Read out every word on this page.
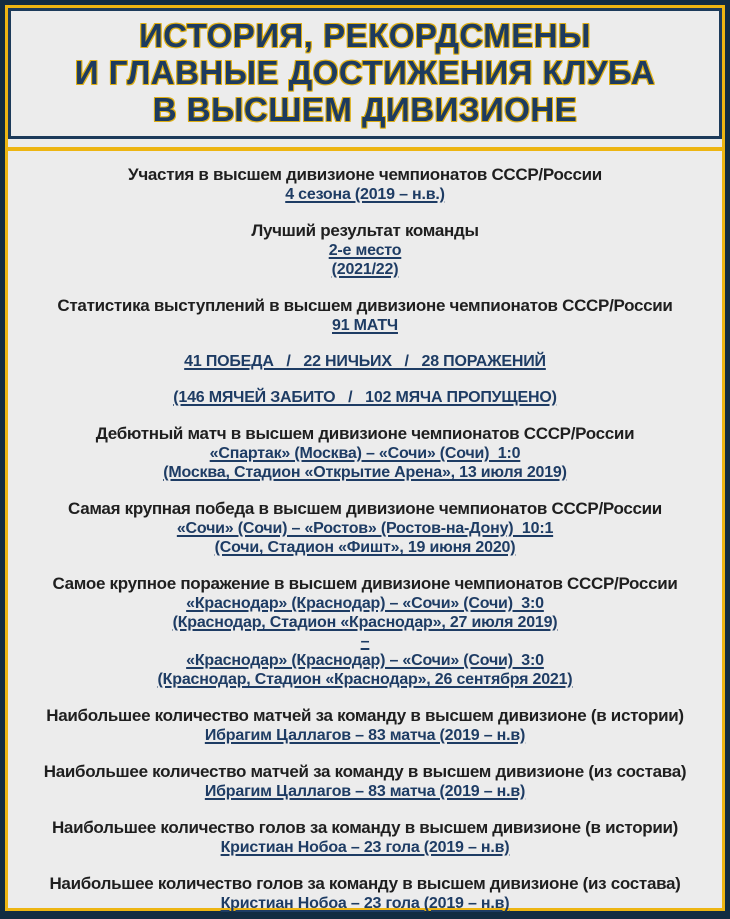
ИСТОРИЯ, РЕКОРДСМЕНЫ
И ГЛАВНЫЕ ДОСТИЖЕНИЯ КЛУБА
В ВЫСШЕМ ДИВИЗИОНЕ
Участия в высшем дивизионе чемпионатов СССР/России
4 сезона (2019 – н.в.)
Лучший результат команды
2-е место
(2021/22)
Статистика выступлений в высшем дивизионе чемпионатов СССР/России
91 МАТЧ
41 ПОБЕДА   /   22 НИЧЬИХ   /   28 ПОРАЖЕНИЙ
(146 МЯЧЕЙ ЗАБИТО   /   102 МЯЧА ПРОПУЩЕНО)
Дебютный матч в высшем дивизионе чемпионатов СССР/России
«Спартак» (Москва) – «Сочи» (Сочи)  1:0
(Москва, Стадион «Открытие Арена», 13 июля 2019)
Самая крупная победа в высшем дивизионе чемпионатов СССР/России
«Сочи» (Сочи) – «Ростов» (Ростов-на-Дону)  10:1
(Сочи, Стадион «Фишт», 19 июня 2020)
Самое крупное поражение в высшем дивизионе чемпионатов СССР/России
«Краснодар» (Краснодар) – «Сочи» (Сочи)  3:0
(Краснодар, Стадион «Краснодар», 27 июля 2019)
–
«Краснодар» (Краснодар) – «Сочи» (Сочи)  3:0
(Краснодар, Стадион «Краснодар», 26 сентября 2021)
Наибольшее количество матчей за команду в высшем дивизионе (в истории)
Ибрагим Цаллагов – 83 матча (2019 – н.в)
Наибольшее количество матчей за команду в высшем дивизионе (из состава)
Ибрагим Цаллагов – 83 матча (2019 – н.в)
Наибольшее количество голов за команду в высшем дивизионе (в истории)
Кристиан Нобоа – 23 гола (2019 – н.в)
Наибольшее количество голов за команду в высшем дивизионе (из состава)
Кристиан Нобоа – 23 гола (2019 – н.в)
